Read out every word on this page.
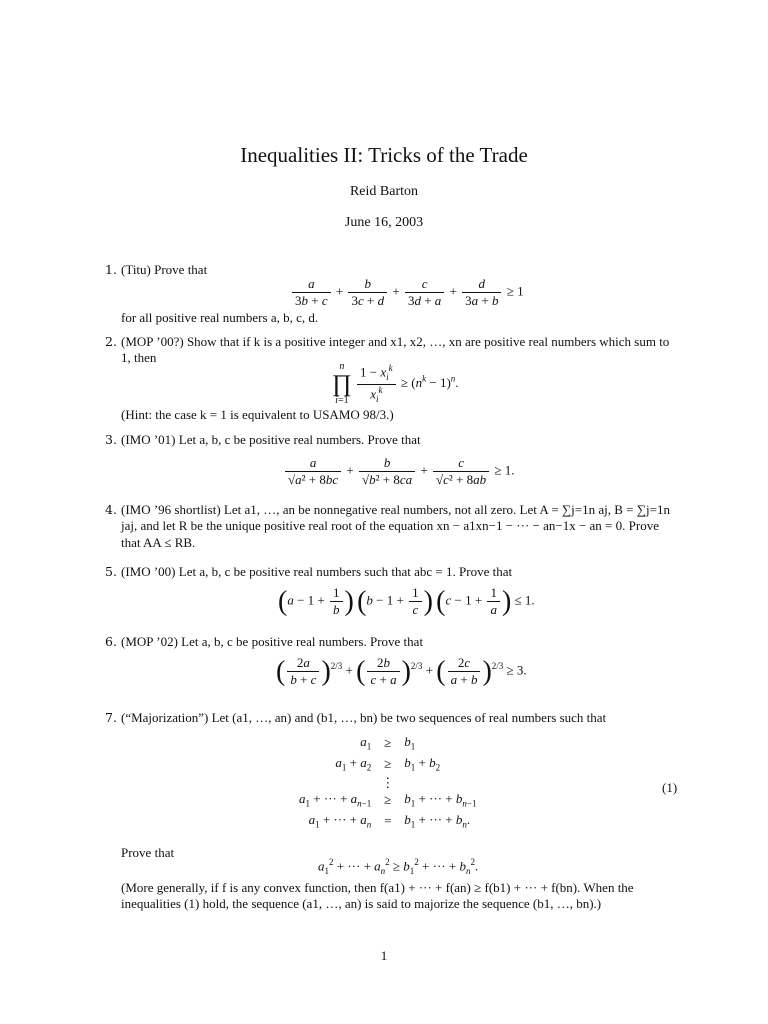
Inequalities II: Tricks of the Trade
Reid Barton
June 16, 2003
1. (Titu) Prove that
$\frac{a}{3b + c} + \frac{b}{3c + d} + \frac{c}{3d + a} + \frac{d}{3a + b} \ge 1$
for all positive real numbers a, b, c, d.
2. (MOP ’00?) Show that if k is a positive integer and x1, x2, …, xn are positive real numbers which sum to 1, then
n
∏
i=1
$\frac{1 - x_i^k}{x_i^k} \ge (n^k - 1)^n$.
(Hint: the case k = 1 is equivalent to USAMO 98/3.)
3. (IMO ’01) Let a, b, c be positive real numbers. Prove that
$\frac{a}{\text{√a² + 8bc}} + \frac{b}{\text{√b² + 8ca}} + \frac{c}{\text{√c² + 8ab}} \ge 1$.
4. (IMO ’96 shortlist) Let a1, …, an be nonnegative real numbers, not all zero. Let A = ∑j=1n aj, B = ∑j=1n jaj, and let R be the unique positive real root of the equation xn − a1xn−1 − ··· − an−1x − an = 0. Prove that AA ≤ RB.
5. (IMO ’00) Let a, b, c be positive real numbers such that abc = 1. Prove that
($a - 1 + \frac{1}{b}$ ) ($b - 1 + \frac{1}{c}$ ) ($c - 1 + \frac{1}{a}$ ) ≤ 1.
6. (MOP ’02) Let a, b, c be positive real numbers. Prove that
( $\frac{2a}{b + c} )^{2/3}$ + ( $\frac{2b}{c + a} )^{2/3}$ + ( $\frac{2c}{a + b} )^{2/3} \ge 3$.
7. (“Majorization”) Let (a1, …, an) and (b1, …, bn) be two sequences of real numbers such that
$a_1$	≥	$b_1$
$a_1 + a_2$	≥	$b_1 + b_2$
	⋮	
$a_1$ + ··· + $a_{n-1}$	≥	$b_1$ + ··· + $b_{n-1}$
$a_1$ + ··· + $a_n$	=	$b_1$ + ··· + $b_n$.
(1)
Prove that
$a_1^2$ + ··· + $a_n^2 \ge b_1^2$ + ··· + $b_n^2$.
(More generally, if f is any convex function, then f(a1) + ··· + f(an) ≥ f(b1) + ··· + f(bn). When the inequalities (1) hold, the sequence (a1, …, an) is said to majorize the sequence (b1, …, bn).)
1
